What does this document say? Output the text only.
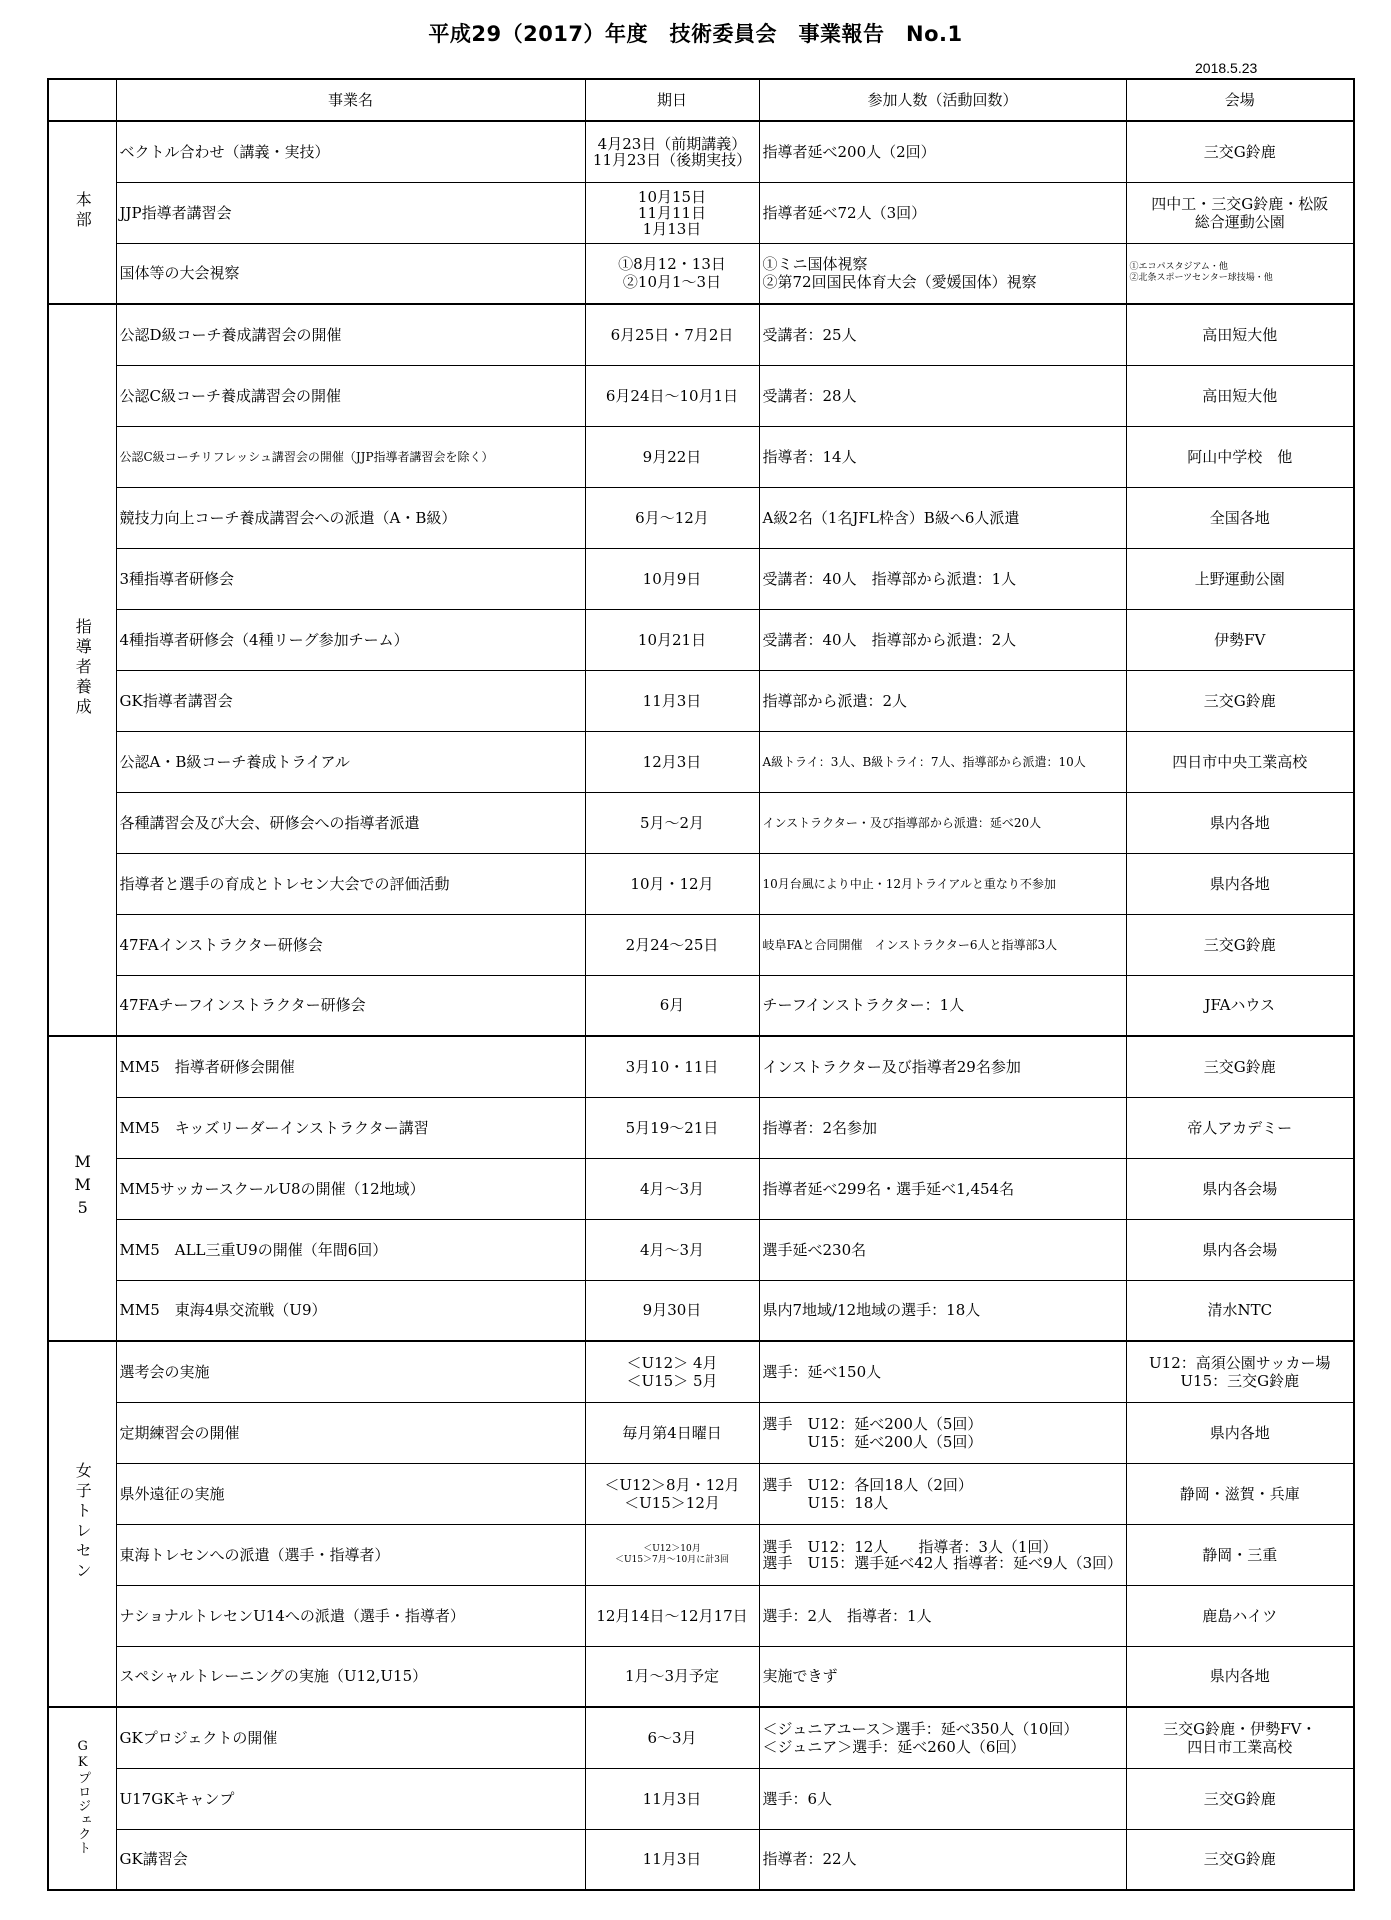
平成29（2017）年度　技術委員会　事業報告　No.1
2018.5.23
	事業名	期日	参加人数（活動回数）	会場
本部	ベクトル合わせ（講義・実技）	4月23日（前期講義）
11月23日（後期実技）	指導者延べ200人（2回）	三交G鈴鹿
	JJP指導者講習会	10月15日
11月11日
1月13日	指導者延べ72人（3回）	四中工・三交G鈴鹿・松阪
総合運動公園
	国体等の大会視察	①8月12・13日
②10月1～3日	①ミニ国体視察
②第72回国民体育大会（愛媛国体）視察	①エコパスタジアム・他
②北条スポーツセンター球技場・他
指導者養成	公認D級コーチ養成講習会の開催	6月25日・7月2日	受講者：25人	高田短大他
	公認C級コーチ養成講習会の開催	6月24日～10月1日	受講者：28人	高田短大他
	公認C級コーチリフレッシュ講習会の開催（JJP指導者講習会を除く）	9月22日	指導者：14人	阿山中学校　他
	競技力向上コーチ養成講習会への派遣（A・B級）	6月～12月	A級2名（1名JFL枠含）B級へ6人派遣	全国各地
	3種指導者研修会	10月9日	受講者：40人　指導部から派遣：1人	上野運動公園
	4種指導者研修会（4種リーグ参加チーム）	10月21日	受講者：40人　指導部から派遣：2人	伊勢FV
	GK指導者講習会	11月3日	指導部から派遣：2人	三交G鈴鹿
	公認A・B級コーチ養成トライアル	12月3日	A級トライ：3人、B級トライ：7人、指導部から派遣：10人	四日市中央工業高校
	各種講習会及び大会、研修会への指導者派遣	5月～2月	インストラクター・及び指導部から派遣：延べ20人	県内各地
	指導者と選手の育成とトレセン大会での評価活動	10月・12月	10月台風により中止・12月トライアルと重なり不参加	県内各地
	47FAインストラクター研修会	2月24～25日	岐阜FAと合同開催　インストラクター6人と指導部3人	三交G鈴鹿
	47FAチーフインストラクター研修会	6月	チーフインストラクター：1人	JFAハウス
MM5	MM5　指導者研修会開催	3月10・11日	インストラクター及び指導者29名参加	三交G鈴鹿
	MM5　キッズリーダーインストラクター講習	5月19～21日	指導者：2名参加	帝人アカデミー
	MM5サッカースクールU8の開催（12地域）	4月～3月	指導者延べ299名・選手延べ1,454名	県内各会場
	MM5　ALL三重U9の開催（年間6回）	4月～3月	選手延べ230名	県内各会場
	MM5　東海4県交流戦（U9）	9月30日	県内7地域/12地域の選手：18人	清水NTC
女子トレセン	選考会の実施	＜U12＞ 4月
＜U15＞ 5月	選手：延べ150人	U12：高須公園サッカー場
U15：三交G鈴鹿
	定期練習会の開催	毎月第4日曜日	選手　U12：延べ200人（5回）
　　　U15：延べ200人（5回）	県内各地
	県外遠征の実施	＜U12＞8月・12月
＜U15＞12月	選手　U12：各回18人（2回）
　　　U15：18人	静岡・滋賀・兵庫
	東海トレセンへの派遣（選手・指導者）	＜U12＞10月
＜U15＞7月～10月に計3回	選手　U12：12人　　指導者：3人（1回）
選手　U15：選手延べ42人 指導者：延べ9人（3回）	静岡・三重
	ナショナルトレセンU14への派遣（選手・指導者）	12月14日～12月17日	選手：2人　指導者：1人	鹿島ハイツ
	スペシャルトレーニングの実施（U12,U15）	1月～3月予定	実施できず	県内各地
GKプロジェクト	GKプロジェクトの開催	6～3月	＜ジュニアユース＞選手：延べ350人（10回）
＜ジュニア＞選手：延べ260人（6回）	三交G鈴鹿・伊勢FV・
四日市工業高校
	U17GKキャンプ	11月3日	選手：6人	三交G鈴鹿
	GK講習会	11月3日	指導者：22人	三交G鈴鹿
